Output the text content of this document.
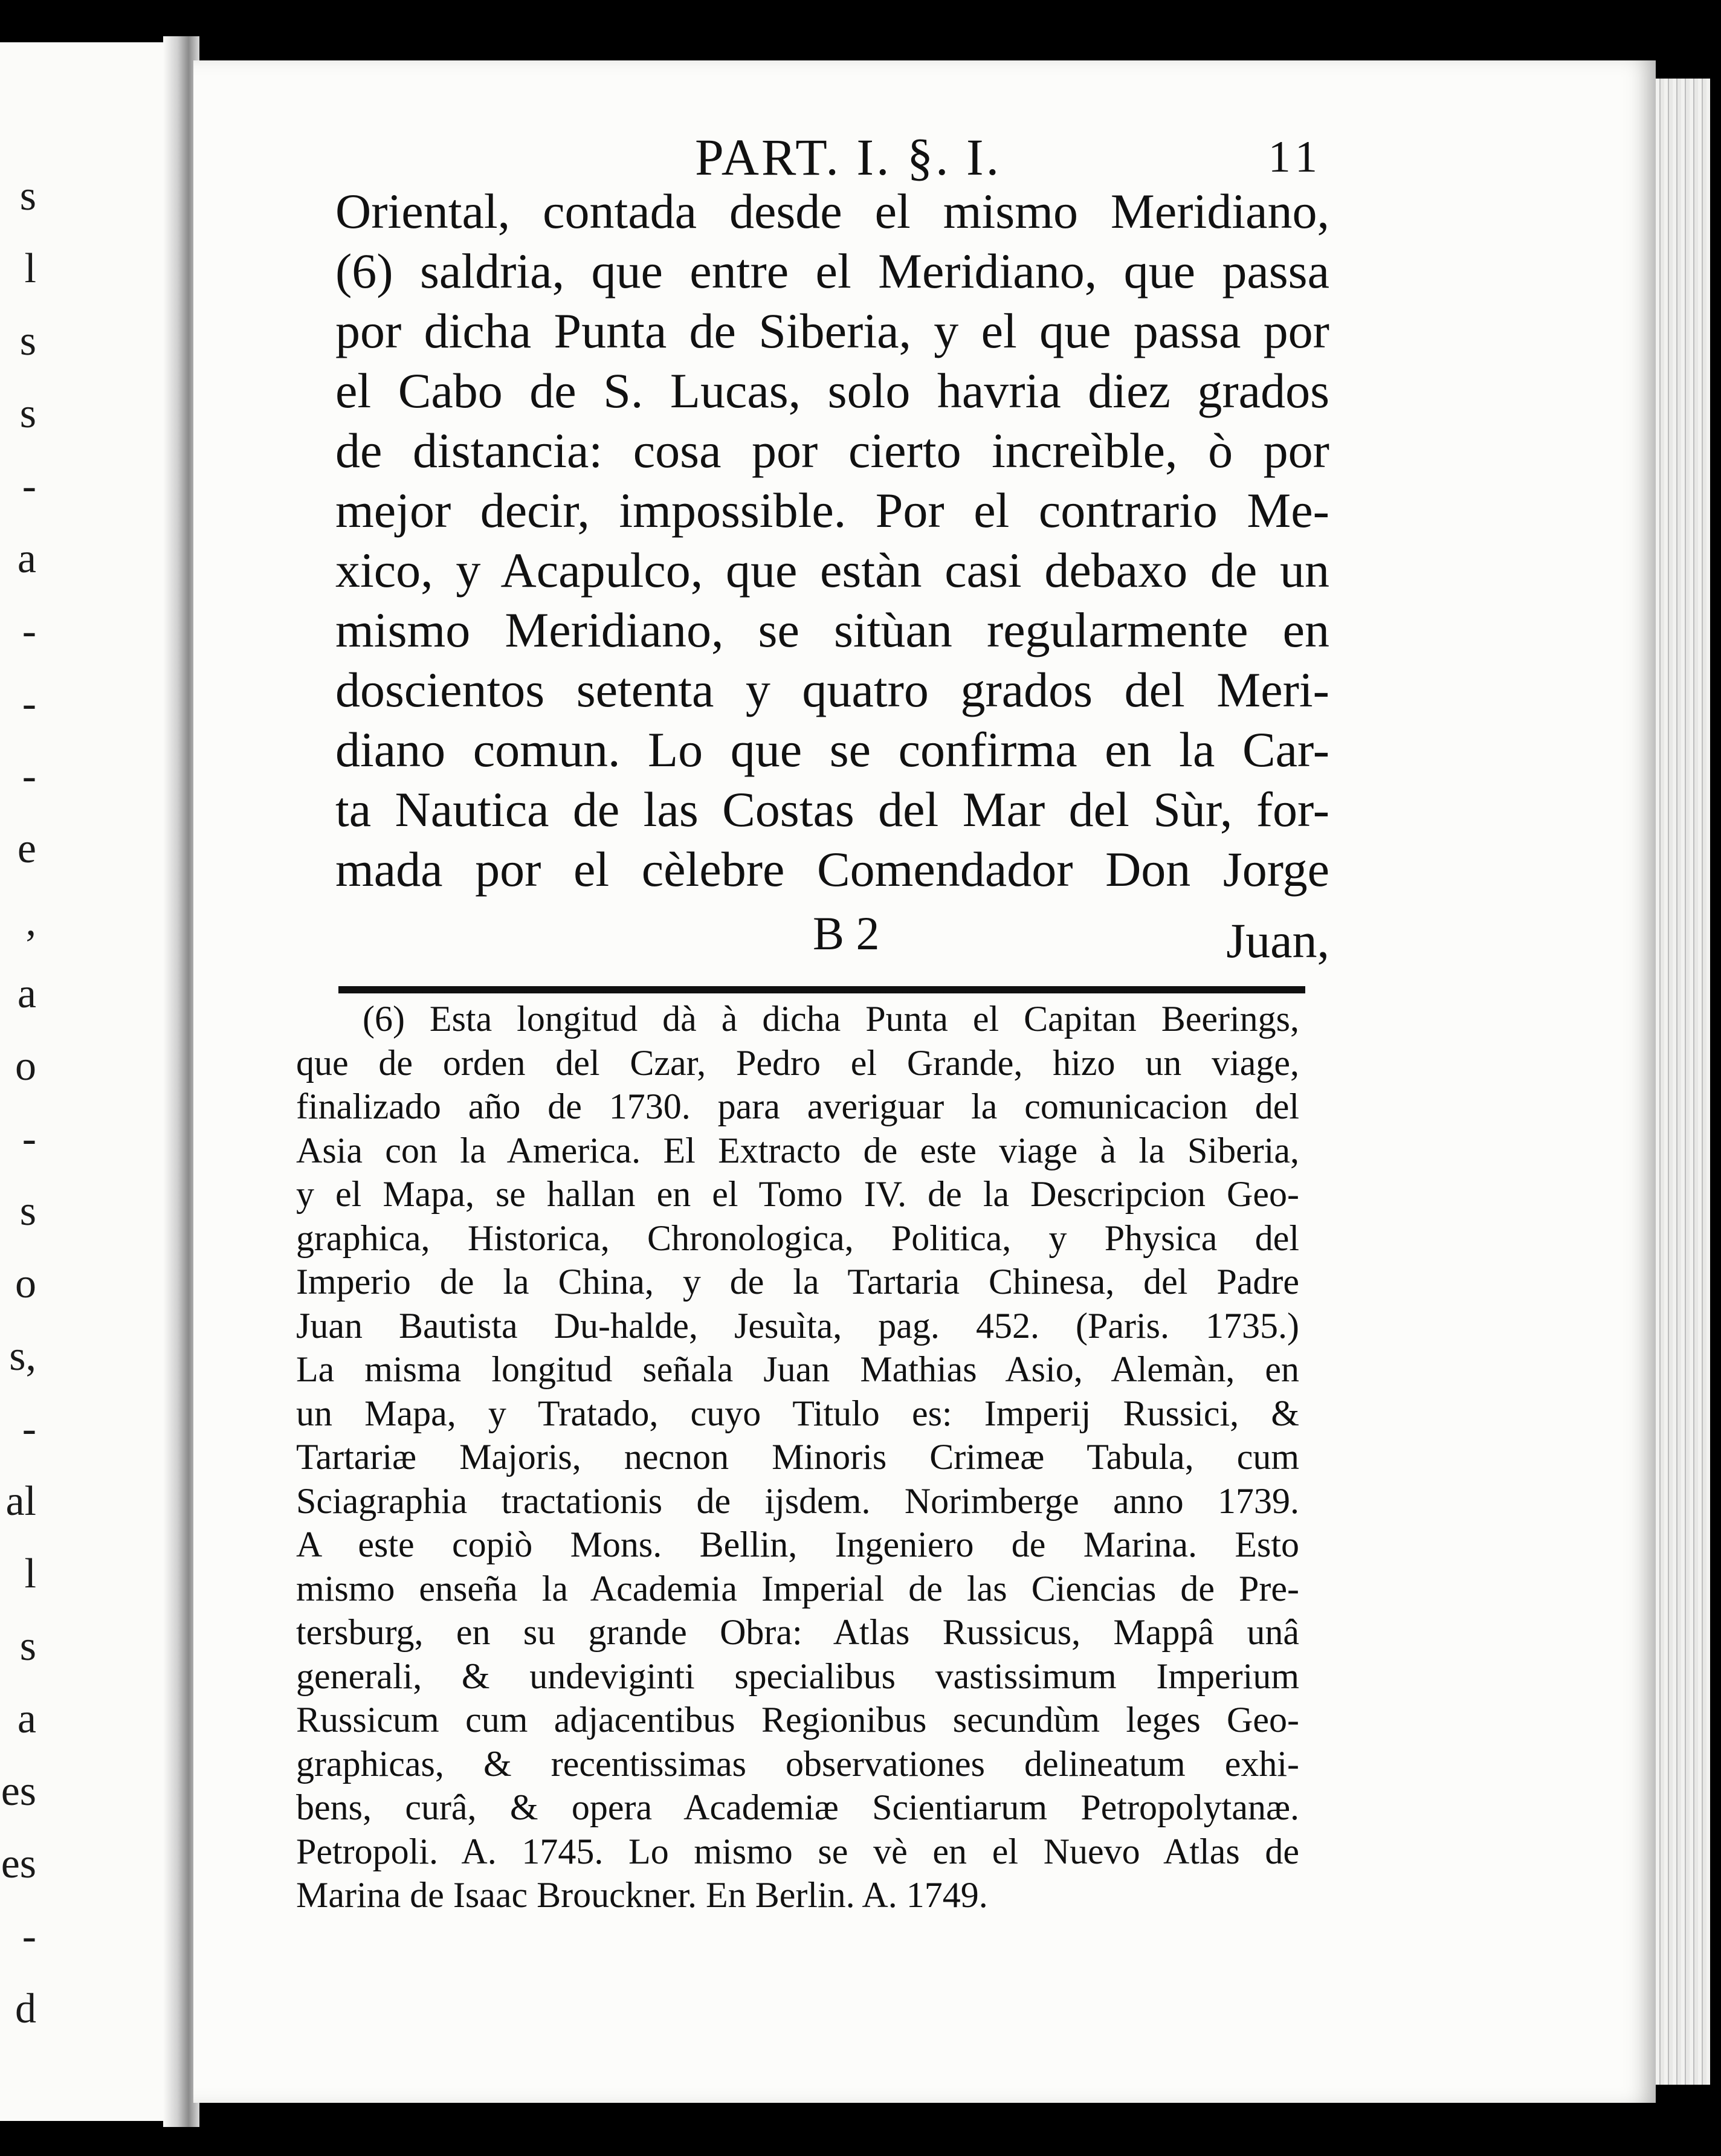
s
l
s
s
-
a
-
-
-
e
,
a
o
-
s
o
s,
-
al
l
s
a
es
es
-
d
PART. I. §. I.	11
Oriental, contada desde el mismo Meridiano,
(6) saldria, que entre el Meridiano, que passa
por dicha Punta de Siberia, y el que passa por
el Cabo de S. Lucas, solo havria diez grados
de distancia: cosa por cierto increìble, ò por
mejor decir, impossible. Por el contrario Me-
xico, y Acapulco, que estàn casi debaxo de un
mismo Meridiano, se sitùan regularmente en
doscientos setenta y quatro grados del Meri-
diano comun. Lo que se confirma en la Car-
ta Nautica de las Costas del Mar del Sùr, for-
mada por el cèlebre Comendador Don Jorge
B 2	Juan,
(6) Esta longitud dà à dicha Punta el Capitan Beerings,
que de orden del Czar, Pedro el Grande, hizo un viage,
finalizado año de 1730. para averiguar la comunicacion del
Asia con la America. El Extracto de este viage à la Siberia,
y el Mapa, se hallan en el Tomo IV. de la Descripcion Geo-
graphica, Historica, Chronologica, Politica, y Physica del
Imperio de la China, y de la Tartaria Chinesa, del Padre
Juan Bautista Du-halde, Jesuìta, pag. 452. (Paris. 1735.)
La misma longitud señala Juan Mathias Asio, Alemàn, en
un Mapa, y Tratado, cuyo Titulo es: Imperij Russici, &
Tartariæ Majoris, necnon Minoris Crimeæ Tabula, cum
Sciagraphia tractationis de ijsdem. Norimberge anno 1739.
A este copiò Mons. Bellin, Ingeniero de Marina. Esto
mismo enseña la Academia Imperial de las Ciencias de Pre-
tersburg, en su grande Obra: Atlas Russicus, Mappâ unâ
generali, & undeviginti specialibus vastissimum Imperium
Russicum cum adjacentibus Regionibus secundùm leges Geo-
graphicas, & recentissimas observationes delineatum exhi-
bens, curâ, & opera Academiæ Scientiarum Petropolytanæ.
Petropoli. A. 1745. Lo mismo se vè en el Nuevo Atlas de
Marina de Isaac Brouckner. En Berlin. A. 1749.
